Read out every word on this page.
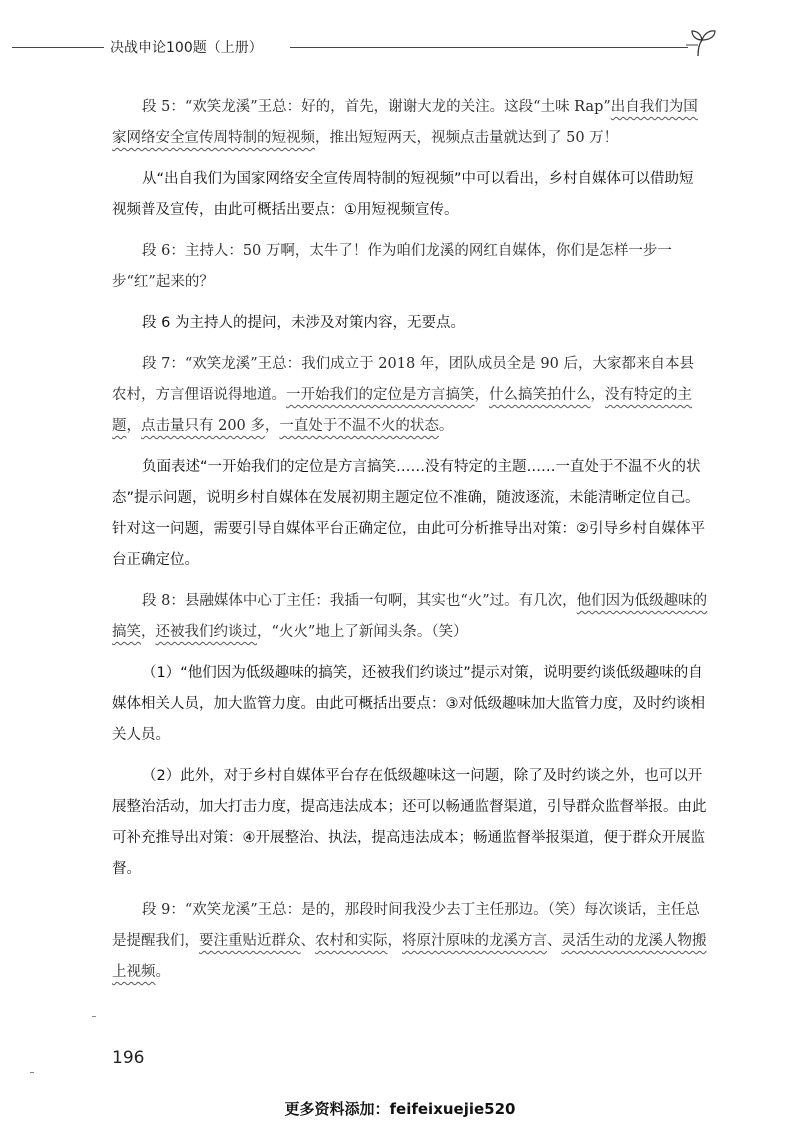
决战申论100题（上册）

段 5：“欢笑龙溪”王总：好的，首先，谢谢大龙的关注。这段“土味 Rap”出自我们为国家网络安全宣传周特制的短视频，推出短短两天，视频点击量就达到了 50 万！

从“出自我们为国家网络安全宣传周特制的短视频”中可以看出，乡村自媒体可以借助短视频普及宣传，由此可概括出要点：①用短视频宣传。

段 6：主持人：50 万啊，太牛了！作为咱们龙溪的网红自媒体，你们是怎样一步一步“红”起来的？

段 6 为主持人的提问，未涉及对策内容，无要点。

段 7：“欢笑龙溪”王总：我们成立于 2018 年，团队成员全是 90 后，大家都来自本县农村，方言俚语说得地道。一开始我们的定位是方言搞笑，什么搞笑拍什么，没有特定的主题，点击量只有 200 多，一直处于不温不火的状态。

负面表述“一开始我们的定位是方言搞笑……没有特定的主题……一直处于不温不火的状态”提示问题，说明乡村自媒体在发展初期主题定位不准确，随波逐流，未能清晰定位自己。针对这一问题，需要引导自媒体平台正确定位，由此可分析推导出对策：②引导乡村自媒体平台正确定位。

段 8：县融媒体中心丁主任：我插一句啊，其实也“火”过。有几次，他们因为低级趣味的搞笑，还被我们约谈过，“火火”地上了新闻头条。（笑）

（1）“他们因为低级趣味的搞笑，还被我们约谈过”提示对策，说明要约谈低级趣味的自媒体相关人员，加大监管力度。由此可概括出要点：③对低级趣味加大监管力度，及时约谈相关人员。

（2）此外，对于乡村自媒体平台存在低级趣味这一问题，除了及时约谈之外，也可以开展整治活动，加大打击力度，提高违法成本；还可以畅通监督渠道，引导群众监督举报。由此可补充推导出对策：④开展整治、执法，提高违法成本；畅通监督举报渠道，便于群众开展监督。

段 9：“欢笑龙溪”王总：是的，那段时间我没少去丁主任那边。（笑）每次谈话，主任总是提醒我们，要注重贴近群众、农村和实际，将原汁原味的龙溪方言、灵活生动的龙溪人物搬上视频。

196
更多资料添加：feifeixuejie520
